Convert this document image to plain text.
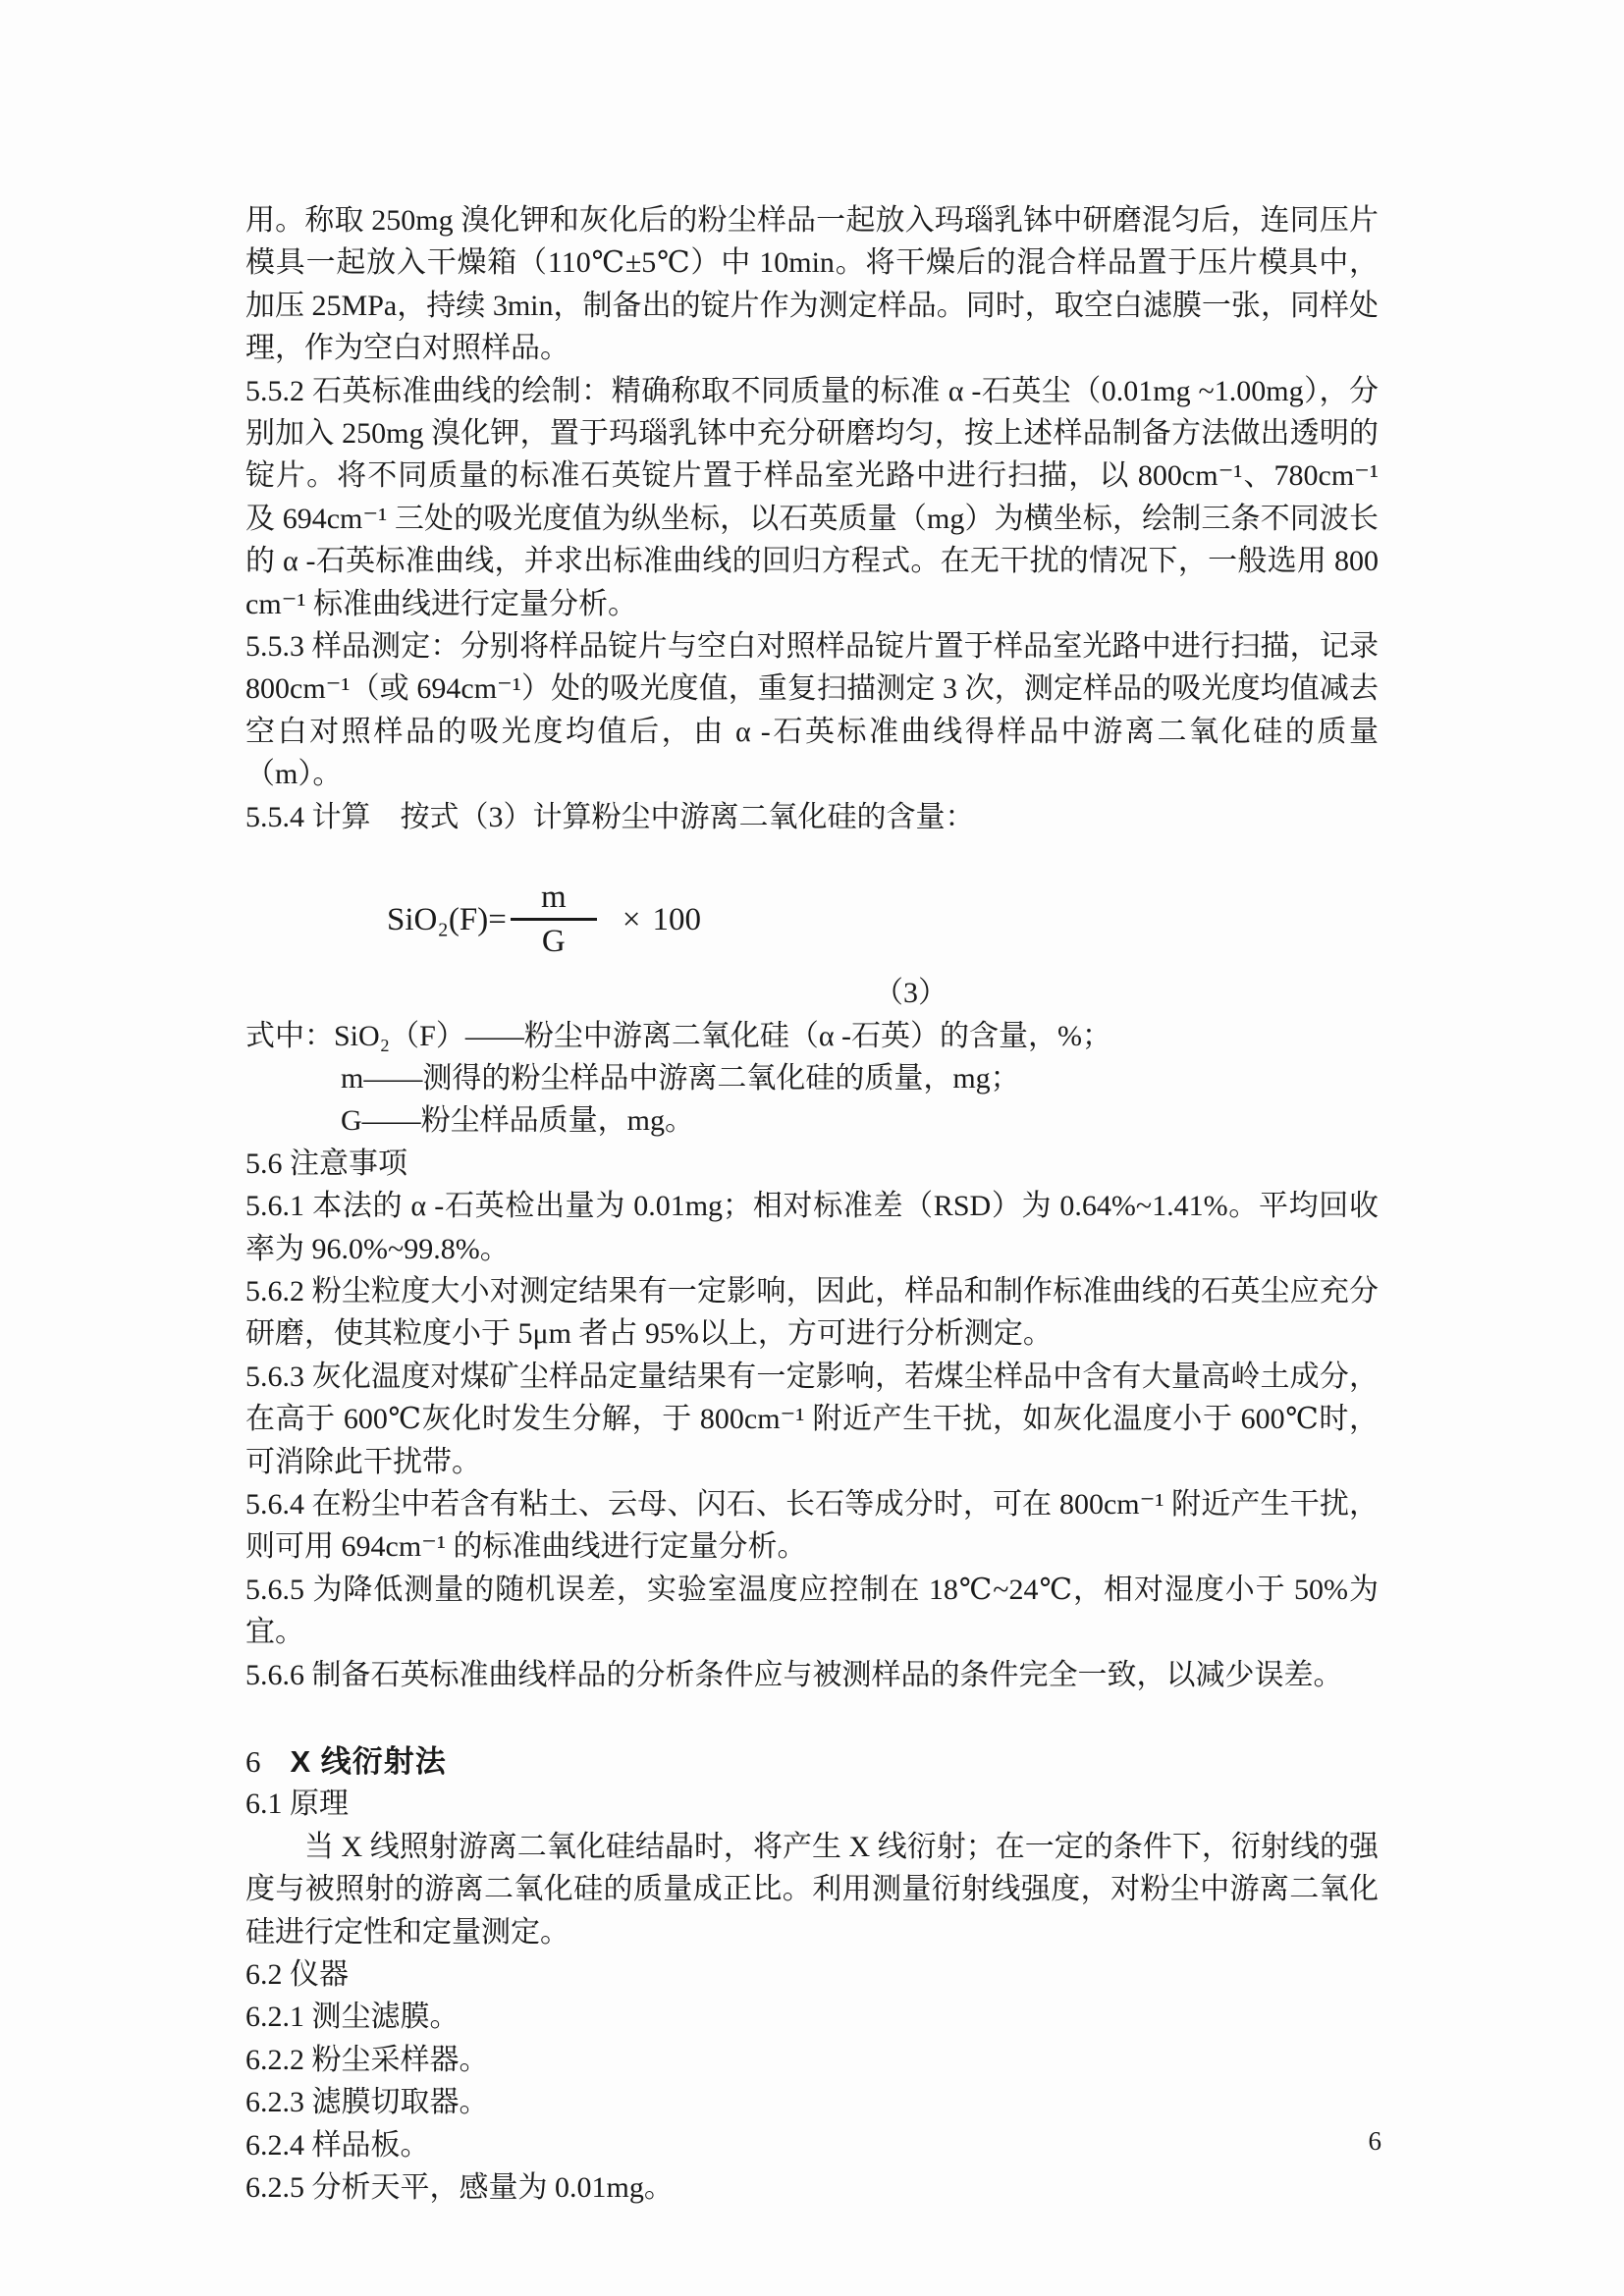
用。称取 250mg 溴化钾和灰化后的粉尘样品一起放入玛瑙乳钵中研磨混匀后，连同压片模具一起放入干燥箱（110℃±5℃）中 10min。将干燥后的混合样品置于压片模具中，加压 25MPa，持续 3min，制备出的锭片作为测定样品。同时，取空白滤膜一张，同样处理，作为空白对照样品。

5.5.2 石英标准曲线的绘制：精确称取不同质量的标准 α -石英尘（0.01mg ~1.00mg），分别加入 250mg 溴化钾，置于玛瑙乳钵中充分研磨均匀，按上述样品制备方法做出透明的锭片。将不同质量的标准石英锭片置于样品室光路中进行扫描，以 800cm⁻¹、780cm⁻¹ 及 694cm⁻¹ 三处的吸光度值为纵坐标，以石英质量（mg）为横坐标，绘制三条不同波长的 α -石英标准曲线，并求出标准曲线的回归方程式。在无干扰的情况下，一般选用 800cm⁻¹ 标准曲线进行定量分析。

5.5.3 样品测定：分别将样品锭片与空白对照样品锭片置于样品室光路中进行扫描，记录 800cm⁻¹（或 694cm⁻¹）处的吸光度值，重复扫描测定 3 次，测定样品的吸光度均值减去空白对照样品的吸光度均值后，由 α -石英标准曲线得样品中游离二氧化硅的质量（m）。

5.5.4 计算　按式（3）计算粉尘中游离二氧化硅的含量：

$SiO_2(F)= \frac{m}{G} \times 100$
（3）

式中：SiO₂（F）——粉尘中游离二氧化硅（α -石英）的含量，%；

m——测得的粉尘样品中游离二氧化硅的质量，mg；

G——粉尘样品质量，mg。

5.6 注意事项

5.6.1 本法的 α -石英检出量为 0.01mg；相对标准差（RSD）为 0.64%~1.41%。平均回收率为 96.0%~99.8%。

5.6.2 粉尘粒度大小对测定结果有一定影响，因此，样品和制作标准曲线的石英尘应充分研磨，使其粒度小于 5μm 者占 95%以上，方可进行分析测定。

5.6.3 灰化温度对煤矿尘样品定量结果有一定影响，若煤尘样品中含有大量高岭土成分，在高于 600℃灰化时发生分解，于 800cm⁻¹ 附近产生干扰，如灰化温度小于 600℃时，可消除此干扰带。

5.6.4 在粉尘中若含有粘土、云母、闪石、长石等成分时，可在 800cm⁻¹ 附近产生干扰，则可用 694cm⁻¹ 的标准曲线进行定量分析。

5.6.5 为降低测量的随机误差，实验室温度应控制在 18℃~24℃，相对湿度小于 50%为宜。

5.6.6 制备石英标准曲线样品的分析条件应与被测样品的条件完全一致，以减少误差。

6 X 线衍射法

6.1 原理

当 X 线照射游离二氧化硅结晶时，将产生 X 线衍射；在一定的条件下，衍射线的强度与被照射的游离二氧化硅的质量成正比。利用测量衍射线强度，对粉尘中游离二氧化硅进行定性和定量测定。

6.2 仪器

6.2.1 测尘滤膜。

6.2.2 粉尘采样器。

6.2.3 滤膜切取器。

6.2.4 样品板。

6.2.5 分析天平，感量为 0.01mg。

6
